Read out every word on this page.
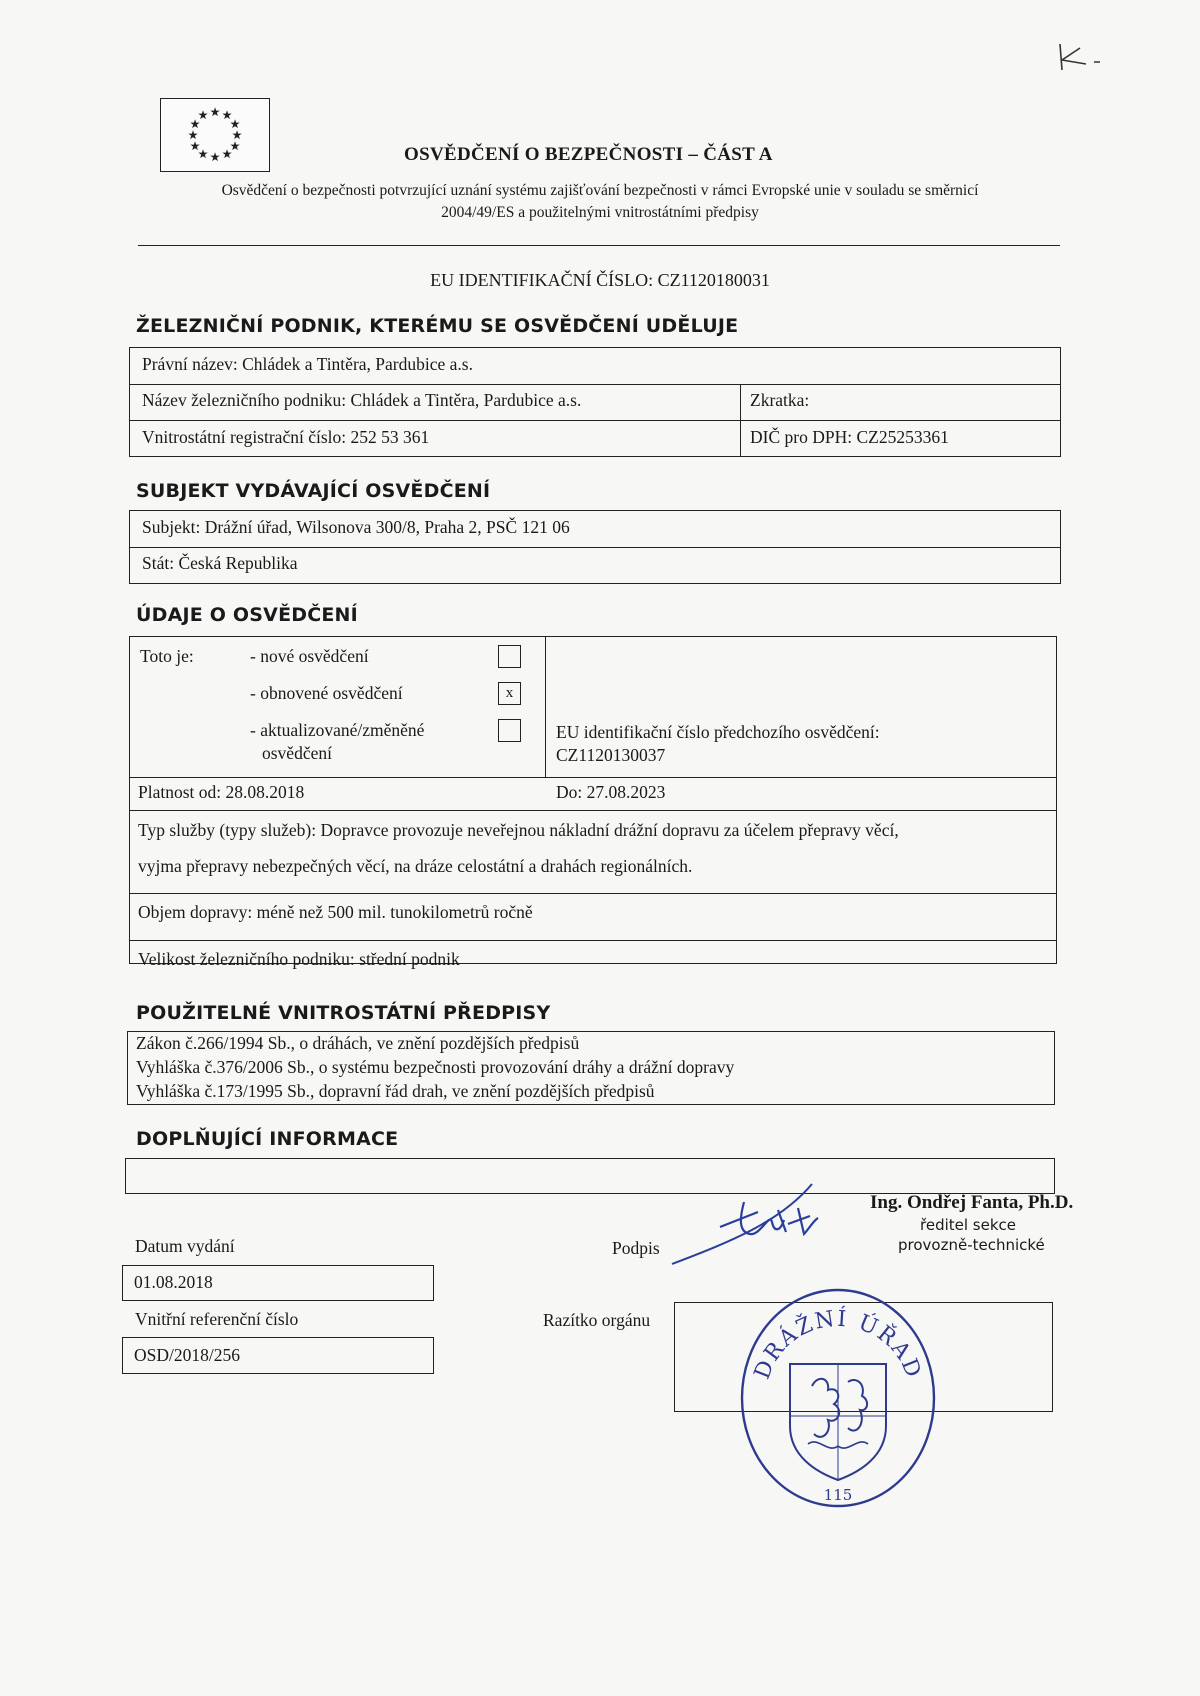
★ ★
★
★
★
★
★
★
★
★
★
★
OSVĚDČENÍ O BEZPEČNOSTI – ČÁST A
Osvědčení o bezpečnosti potvrzující uznání systému zajišťování bezpečnosti v rámci Evropské unie v souladu se směrnicí
2004/49/ES a použitelnými vnitrostátními předpisy
EU IDENTIFIKAČNÍ ČÍSLO: CZ1120180031
ŽELEZNIČNÍ PODNIK, KTERÉMU SE OSVĚDČENÍ UDĚLUJE
Právní název: Chládek a Tintěra, Pardubice a.s.
Název železničního podniku: Chládek a Tintěra, Pardubice a.s.	Zkratka:
Vnitrostátní registrační číslo: 252 53 361	DIČ pro DPH: CZ25253361
SUBJEKT VYDÁVAJÍCÍ OSVĚDČENÍ
Subjekt: Drážní úřad, Wilsonova 300/8, Praha 2, PSČ 121 06
Stát: Česká Republika
ÚDAJE O OSVĚDČENÍ
Toto je:	- nové osvědčení
- obnovené osvědčení	x
- aktualizované/změněné
osvědčení
EU identifikační číslo předchozího osvědčení:
CZ1120130037
Platnost od: 28.08.2018	Do: 27.08.2023
Typ služby (typy služeb): Dopravce provozuje neveřejnou nákladní drážní dopravu za účelem přepravy věcí,
vyjma přepravy nebezpečných věcí, na dráze celostátní a drahách regionálních.
Objem dopravy: méně než 500 mil. tunokilometrů ročně
Velikost železničního podniku: střední podnik
POUŽITELNÉ VNITROSTÁTNÍ PŘEDPISY
Zákon č.266/1994 Sb., o dráhách, ve znění pozdějších předpisů
Vyhláška č.376/2006 Sb., o systému bezpečnosti provozování dráhy a drážní dopravy
Vyhláška č.173/1995 Sb., dopravní řád drah, ve znění pozdějších předpisů
DOPLŇUJÍCÍ INFORMACE
Ing. Ondřej Fanta, Ph.D.
ředitel sekce
provozně-technické
Datum vydání
01.08.2018
Podpis
Vnitřní referenční číslo
OSD/2018/256
Razítko orgánu
DRÁŽNÍ ÚŘAD
115
